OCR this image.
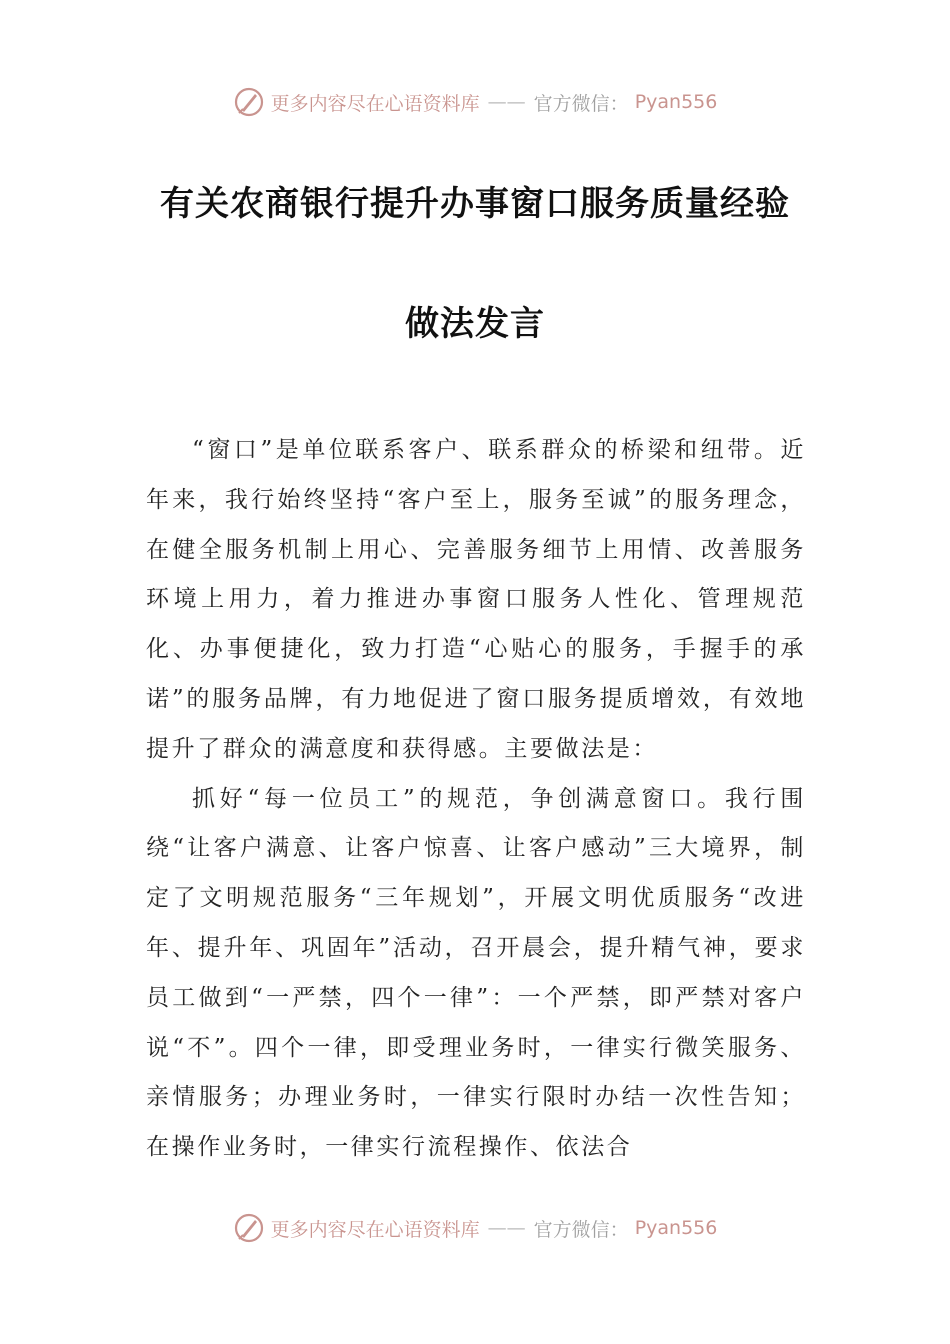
更多内容尽在心语资料库 —— 官方微信： Pyan556
有关农商银行提升办事窗口服务质量经验
做法发言

“窗口”是单位联系客户、联系群众的桥梁和纽带。近年来，我行始终坚持“客户至上，服务至诚”的服务理念，在健全服务机制上用心、完善服务细节上用情、改善服务环境上用力，着力推进办事窗口服务人性化、管理规范化、办事便捷化，致力打造“心贴心的服务，手握手的承诺”的服务品牌，有力地促进了窗口服务提质增效，有效地提升了群众的满意度和获得感。主要做法是：

抓好“每一位员工”的规范，争创满意窗口。我行围绕“让客户满意、让客户惊喜、让客户感动”三大境界，制定了文明规范服务“三年规划”，开展文明优质服务“改进年、提升年、巩固年”活动，召开晨会，提升精气神，要求员工做到“一严禁，四个一律”：一个严禁，即严禁对客户说“不”。四个一律，即受理业务时，一律实行微笑服务、亲情服务；办理业务时，一律实行限时办结一次性告知；在操作业务时，一律实行流程操作、依法合

更多内容尽在心语资料库 —— 官方微信： Pyan556
